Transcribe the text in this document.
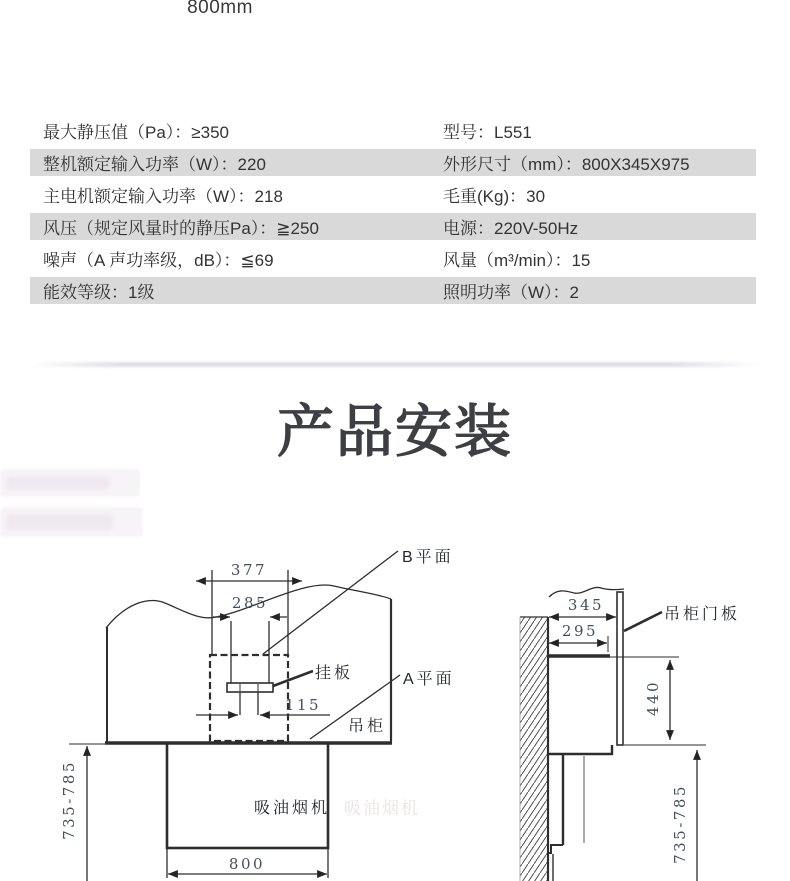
800mm
最大静压值（Pa）：≥350	型号：L551
整机额定输入功率（W）：220	外形尺寸（mm）：800X345X975
主电机额定输入功率（W）：218	毛重(Kg)：30
风压（规定风量时的静压Pa）：≧250	电源：220V-50Hz
噪声（A 声功率级，dB）：≦69	风量（m³/min）：15
能效等级：1级	照明功率（W）：2
产品安装
377
285
115
800
735-785
B平面
A平面
挂板
吊柜
吸油烟机 吸油烟机
345
295
440
735-785
吊柜门板
